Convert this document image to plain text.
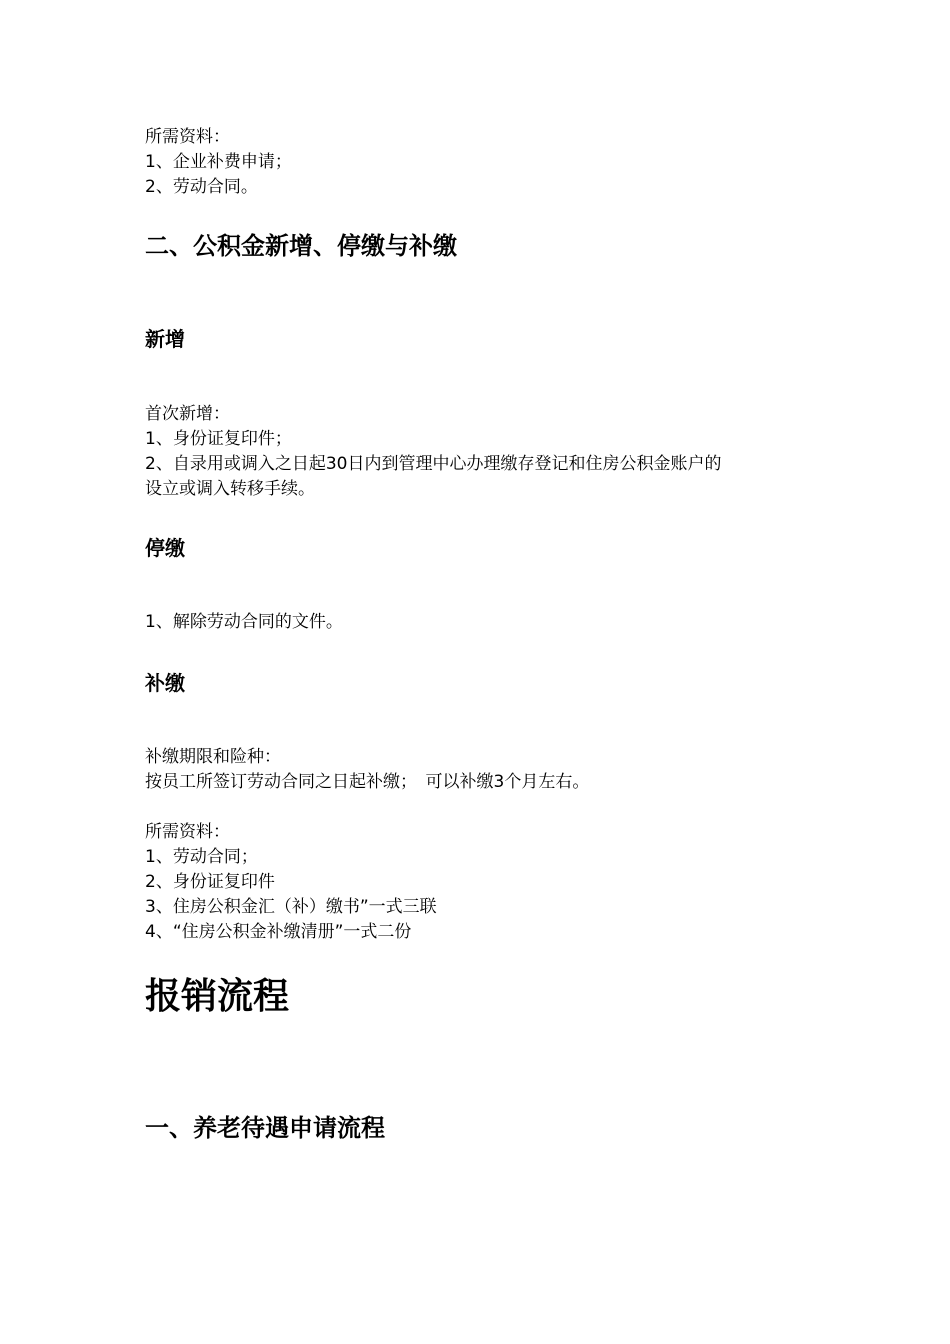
所需资料：
1、企业补费申请；
2、劳动合同。
二、公积金新增、停缴与补缴
新增
首次新增：
1、身份证复印件；
2、自录用或调入之日起30日内到管理中心办理缴存登记和住房公积金账户的
设立或调入转移手续。
停缴
1、解除劳动合同的文件。
补缴
补缴期限和险种：
按员工所签订劳动合同之日起补缴；　可以补缴3个月左右。
所需资料：
1、劳动合同；
2、身份证复印件
3、住房公积金汇（补）缴书”一式三联
4、“住房公积金补缴清册”一式二份
报销流程
一、养老待遇申请流程
